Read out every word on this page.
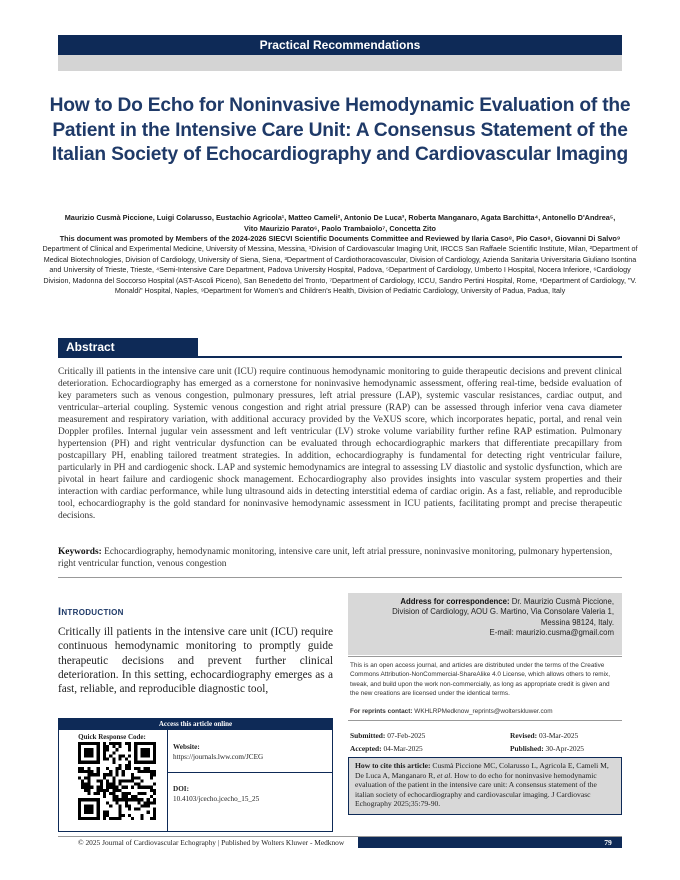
Practical Recommendations
How to Do Echo for Noninvasive Hemodynamic Evaluation of the Patient in the Intensive Care Unit: A Consensus Statement of the Italian Society of Echocardiography and Cardiovascular Imaging
Maurizio Cusmà Piccione, Luigi Colarusso, Eustachio Agricola¹, Matteo Cameli², Antonio De Luca³, Roberta Manganaro, Agata Barchitta⁴, Antonello D'Andrea⁵,
Vito Maurizio Parato⁶, Paolo Trambaiolo⁷, Concetta Zito
This document was promoted by Members of the 2024-2026 SIECVI Scientific Documents Committee and Reviewed by Ilaria Caso⁸, Pio Caso⁸, Giovanni Di Salvo⁹
Department of Clinical and Experimental Medicine, University of Messina, Messina, ¹Division of Cardiovascular Imaging Unit, IRCCS San Raffaele Scientific Institute, Milan, ²Department of Medical Biotechnologies, Division of Cardiology, University of Siena, Siena, ³Department of Cardiothoracovascular, Division of Cardiology, Azienda Sanitaria Universitaria Giuliano Isontina and University of Trieste, Trieste, ⁴Semi-Intensive Care Department, Padova University Hospital, Padova, ⁵Department of Cardiology, Umberto I Hospital, Nocera Inferiore, ⁶Cardiology Division, Madonna del Soccorso Hospital (AST-Ascoli Piceno), San Benedetto del Tronto, ⁷Department of Cardiology, ICCU, Sandro Pertini Hospital, Rome, ⁸Department of Cardiology, "V. Monaldi" Hospital, Naples, ⁹Department for Women's and Children's Health, Division of Pediatric Cardiology, University of Padua, Padua, Italy
Abstract
Critically ill patients in the intensive care unit (ICU) require continuous hemodynamic monitoring to guide therapeutic decisions and prevent clinical deterioration. Echocardiography has emerged as a cornerstone for noninvasive hemodynamic assessment, offering real-time, bedside evaluation of key parameters such as venous congestion, pulmonary pressures, left atrial pressure (LAP), systemic vascular resistances, cardiac output, and ventricular–arterial coupling. Systemic venous congestion and right atrial pressure (RAP) can be assessed through inferior vena cava diameter measurement and respiratory variation, with additional accuracy provided by the VeXUS score, which incorporates hepatic, portal, and renal vein Doppler profiles. Internal jugular vein assessment and left ventricular (LV) stroke volume variability further refine RAP estimation. Pulmonary hypertension (PH) and right ventricular dysfunction can be evaluated through echocardiographic markers that differentiate precapillary from postcapillary PH, enabling tailored treatment strategies. In addition, echocardiography is fundamental for detecting right ventricular failure, particularly in PH and cardiogenic shock. LAP and systemic hemodynamics are integral to assessing LV diastolic and systolic dysfunction, which are pivotal in heart failure and cardiogenic shock management. Echocardiography also provides insights into vascular system properties and their interaction with cardiac performance, while lung ultrasound aids in detecting interstitial edema of cardiac origin. As a fast, reliable, and reproducible tool, echocardiography is the gold standard for noninvasive hemodynamic assessment in ICU patients, facilitating prompt and precise therapeutic decisions.
Keywords: Echocardiography, hemodynamic monitoring, intensive care unit, left atrial pressure, noninvasive monitoring, pulmonary hypertension, right ventricular function, venous congestion
Introduction
Critically ill patients in the intensive care unit (ICU) require continuous hemodynamic monitoring to promptly guide therapeutic decisions and prevent further clinical deterioration. In this setting, echocardiography emerges as a fast, reliable, and reproducible diagnostic tool,
Address for correspondence: Dr. Maurizio Cusmà Piccione,
Division of Cardiology, AOU G. Martino, Via Consolare Valeria 1,
Messina 98124, Italy.
E-mail: maurizio.cusma@gmail.com
This is an open access journal, and articles are distributed under the terms of the Creative Commons Attribution-NonCommercial-ShareAlike 4.0 License, which allows others to remix, tweak, and build upon the work non-commercially, as long as appropriate credit is given and the new creations are licensed under the identical terms.
For reprints contact: WKHLRPMedknow_reprints@wolterskluwer.com
Access this article online
Quick Response Code:
Website:
https://journals.lww.com/JCEG
DOI:
10.4103/jcecho.jcecho_15_25
Submitted: 07-Feb-2025	Revised: 03-Mar-2025
Accepted: 04-Mar-2025	Published: 30-Apr-2025
How to cite this article: Cusmà Piccione MC, Colarusso L, Agricola E, Cameli M, De Luca A, Manganaro R, et al. How to do echo for noninvasive hemodynamic evaluation of the patient in the intensive care unit: A consensus statement of the italian society of echocardiography and cardiovascular imaging. J Cardiovasc Echography 2025;35:79-90.
© 2025 Journal of Cardiovascular Echography | Published by Wolters Kluwer - Medknow	79
